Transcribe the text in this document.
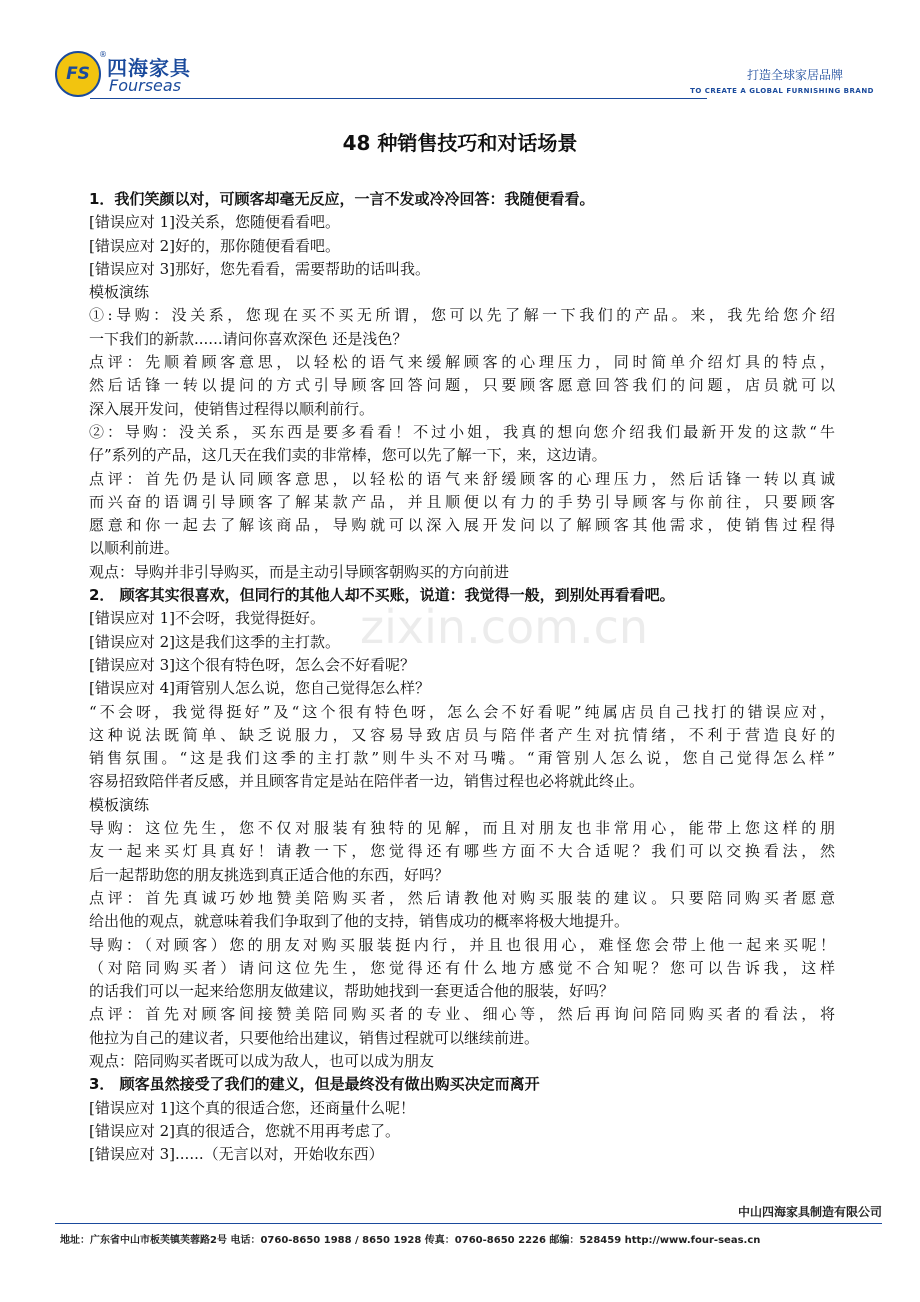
FS
®
四海家具
Fourseas
打造全球家居品牌
TO CREATE A GLOBAL FURNISHING BRAND
48 种销售技巧和对话场景
1．我们笑颜以对，可顾客却毫无反应，一言不发或冷冷回答：我随便看看。
[错误应对 1]没关系，您随便看看吧。
[错误应对 2]好的，那你随便看看吧。
[错误应对 3]那好，您先看看，需要帮助的话叫我。
模板演练
①:导购：没关系，您现在买不买无所谓，您可以先了解一下我们的产品。来，我先给您介绍
一下我们的新款......请问你喜欢深色 还是浅色？
点评：先顺着顾客意思，以轻松的语气来缓解顾客的心理压力，同时简单介绍灯具的特点，
然后话锋一转以提问的方式引导顾客回答问题，只要顾客愿意回答我们的问题，店员就可以
深入展开发问，使销售过程得以顺利前行。
②：导购：没关系，买东西是要多看看！不过小姐，我真的想向您介绍我们最新开发的这款“牛
仔”系列的产品，这几天在我们卖的非常棒，您可以先了解一下，来，这边请。
点评：首先仍是认同顾客意思，以轻松的语气来舒缓顾客的心理压力，然后话锋一转以真诚
而兴奋的语调引导顾客了解某款产品，并且顺便以有力的手势引导顾客与你前往，只要顾客
愿意和你一起去了解该商品，导购就可以深入展开发问以了解顾客其他需求，使销售过程得
以顺利前进。
观点：导购并非引导购买，而是主动引导顾客朝购买的方向前进
2． 顾客其实很喜欢，但同行的其他人却不买账，说道：我觉得一般，到别处再看看吧。
[错误应对 1]不会呀，我觉得挺好。
[错误应对 2]这是我们这季的主打款。
[错误应对 3]这个很有特色呀，怎么会不好看呢？
[错误应对 4]甭管别人怎么说，您自己觉得怎么样？
“不会呀，我觉得挺好”及“这个很有特色呀，怎么会不好看呢”纯属店员自己找打的错误应对，
这种说法既简单、缺乏说服力，又容易导致店员与陪伴者产生对抗情绪，不利于营造良好的
销售氛围。“这是我们这季的主打款”则牛头不对马嘴。“甭管别人怎么说，您自己觉得怎么样”
容易招致陪伴者反感，并且顾客肯定是站在陪伴者一边，销售过程也必将就此终止。
模板演练
导购：这位先生，您不仅对服装有独特的见解，而且对朋友也非常用心，能带上您这样的朋
友一起来买灯具真好！请教一下，您觉得还有哪些方面不大合适呢？我们可以交换看法，然
后一起帮助您的朋友挑选到真正适合他的东西，好吗？
点评：首先真诚巧妙地赞美陪购买者，然后请教他对购买服装的建议。只要陪同购买者愿意
给出他的观点，就意味着我们争取到了他的支持，销售成功的概率将极大地提升。
导购：（对顾客）您的朋友对购买服装挺内行，并且也很用心，难怪您会带上他一起来买呢！
（对陪同购买者）请问这位先生，您觉得还有什么地方感觉不合知呢？您可以告诉我，这样
的话我们可以一起来给您朋友做建议，帮助她找到一套更适合他的服装，好吗？
点评：首先对顾客间接赞美陪同购买者的专业、细心等，然后再询问陪同购买者的看法，将
他拉为自己的建议者，只要他给出建议，销售过程就可以继续前进。
观点：陪同购买者既可以成为敌人，也可以成为朋友
3． 顾客虽然接受了我们的建义，但是最终没有做出购买决定而离开
[错误应对 1]这个真的很适合您，还商量什么呢！
[错误应对 2]真的很适合，您就不用再考虑了。
[错误应对 3]......（无言以对，开始收东西）
zixin.com.cn
中山四海家具制造有限公司
地址：广东省中山市板芙镇芙蓉路2号 电话：0760-8650 1988 / 8650 1928 传真：0760-8650 2226 邮编：528459 http://www.four-seas.cn
